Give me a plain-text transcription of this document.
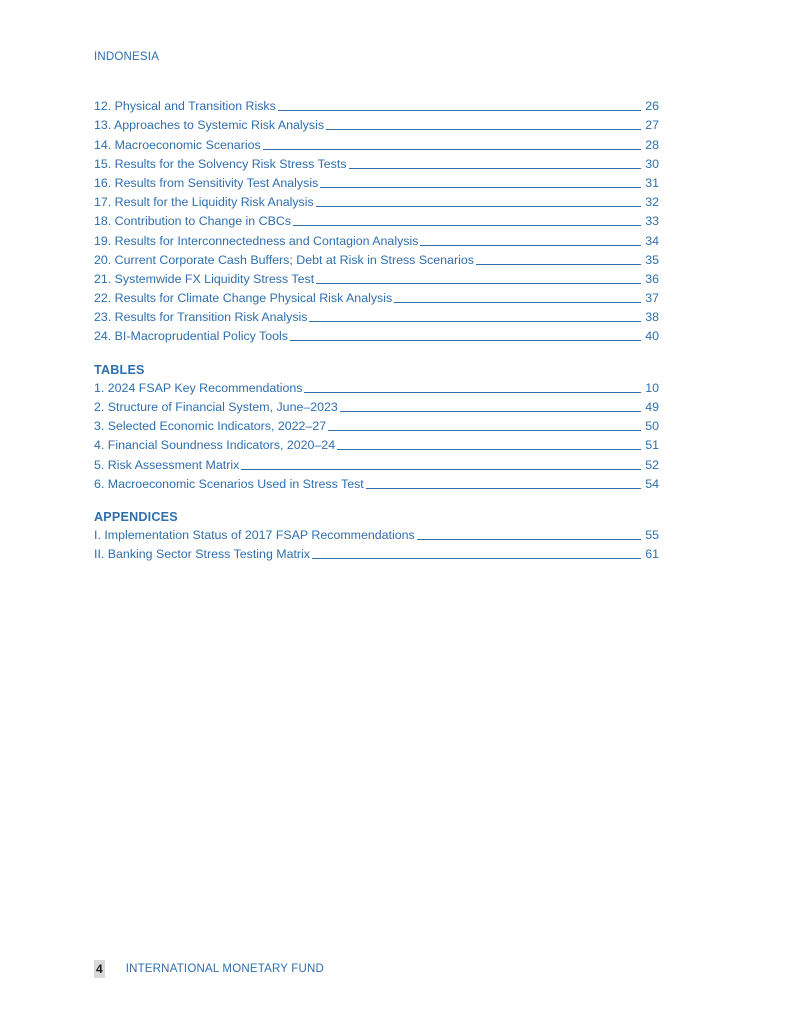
INDONESIA
12. Physical and Transition Risks	26
13. Approaches to Systemic Risk Analysis	27
14. Macroeconomic Scenarios	28
15. Results for the Solvency Risk Stress Tests	30
16. Results from Sensitivity Test Analysis	31
17. Result for the Liquidity Risk Analysis	32
18. Contribution to Change in CBCs	33
19. Results for Interconnectedness and Contagion Analysis	34
20. Current Corporate Cash Buffers; Debt at Risk in Stress Scenarios	35
21. Systemwide FX Liquidity Stress Test	36
22. Results for Climate Change Physical Risk Analysis	37
23. Results for Transition Risk Analysis	38
24. BI-Macroprudential Policy Tools	40
TABLES
1. 2024 FSAP Key Recommendations	10
2. Structure of Financial System, June–2023	49
3. Selected Economic Indicators, 2022–27	50
4. Financial Soundness Indicators, 2020–24	51
5. Risk Assessment Matrix	52
6. Macroeconomic Scenarios Used in Stress Test	54
APPENDICES
I. Implementation Status of 2017 FSAP Recommendations	55
II. Banking Sector Stress Testing Matrix	61
4 INTERNATIONAL MONETARY FUND
